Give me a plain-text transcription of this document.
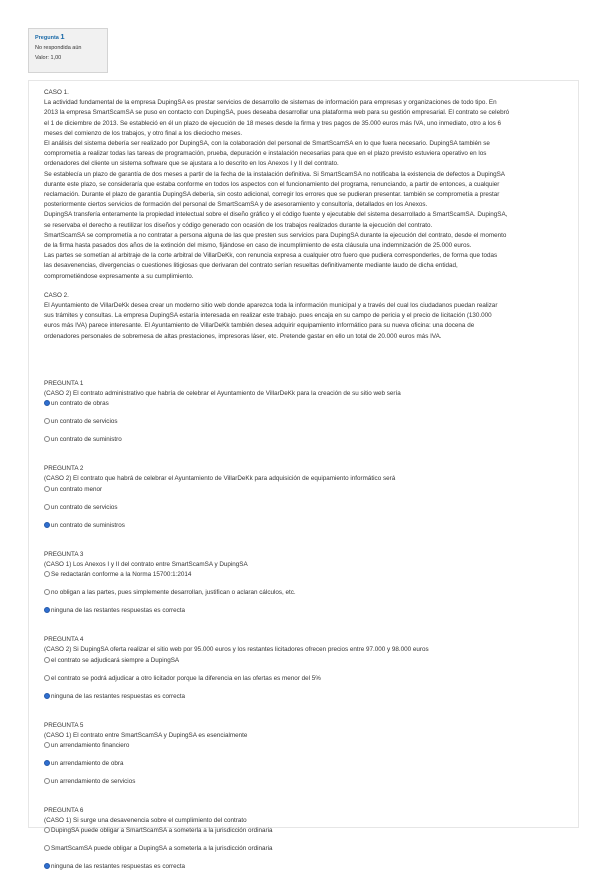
Pregunta 1
No respondida aún
Valor: 1,00

CASO 1.

La actividad fundamental de la empresa DupingSA es prestar servicios de desarrollo de sistemas de información para empresas y organizaciones de todo tipo. En

2013 la empresa SmartScamSA se puso en contacto con DupingSA, pues deseaba desarrollar una plataforma web para su gestión empresarial. El contrato se celebró

el 1 de diciembre de 2013. Se estableció en él un plazo de ejecución de 18 meses desde la firma y tres pagos de 35.000 euros más IVA, uno inmediato, otro a los 6

meses del comienzo de los trabajos, y otro final a los dieciocho meses.

El análisis del sistema debería ser realizado por DupingSA, con la colaboración del personal de SmartScamSA en lo que fuera necesario. DupingSA también se

comprometía a realizar todas las tareas de programación, prueba, depuración e instalación necesarias para que en el plazo previsto estuviera operativo en los

ordenadores del cliente un sistema software que se ajustara a lo descrito en los Anexos I y II del contrato.

Se establecía un plazo de garantía de dos meses a partir de la fecha de la instalación definitiva. Si SmartScamSA no notificaba la existencia de defectos a DupingSA

durante este plazo, se consideraría que estaba conforme en todos los aspectos con el funcionamiento del programa, renunciando, a partir de entonces, a cualquier

reclamación. Durante el plazo de garantía DupingSA debería, sin costo adicional, corregir los errores que se pudieran presentar. también se comprometía a prestar

posteriormente ciertos servicios de formación del personal de SmartScamSA y de asesoramiento y consultoría, detallados en los Anexos.

DupingSA transfería enteramente la propiedad intelectual sobre el diseño gráfico y el código fuente y ejecutable del sistema desarrollado a SmartScamSA. DupingSA,

se reservaba el derecho a reutilizar los diseños y código generado con ocasión de los trabajos realizados durante la ejecución del contrato.

SmartScamSA se comprometía a no contratar a persona alguna de las que presten sus servicios para DupingSA durante la ejecución del contrato, desde el momento

de la firma hasta pasados dos años de la extinción del mismo, fijándose en caso de incumplimiento de esta cláusula una indemnización de 25.000 euros.

Las partes se sometían al arbitraje de la corte arbitral de VillarDeKk, con renuncia expresa a cualquier otro fuero que pudiera corresponderles, de forma que todas

las desavenencias, divergencias o cuestiones litigiosas que derivaran del contrato serían resueltas definitivamente mediante laudo de dicha entidad,

comprometiéndose expresamente a su cumplimiento.

CASO 2.

El Ayuntamiento de VillarDeKk desea crear un moderno sitio web donde aparezca toda la información municipal y a través del cual los ciudadanos puedan realizar

sus trámites y consultas. La empresa DupingSA estaría interesada en realizar este trabajo. pues encaja en su campo de pericia y el precio de licitación (130.000

euros más IVA) parece interesante. El Ayuntamiento de VillarDeKk también desea adquirir equipamiento informático para su nueva oficina: una docena de

ordenadores personales de sobremesa de altas prestaciones, impresoras láser, etc. Pretende gastar en ello un total de 20.000 euros más IVA.

PREGUNTA 1

(CASO 2) El contrato administrativo que habría de celebrar el Ayuntamiento de VillarDeKk para la creación de su sitio web sería

un contrato de obras
un contrato de servicios
un contrato de suministro

PREGUNTA 2

(CASO 2) El contrato que habrá de celebrar el Ayuntamiento de VillarDeKk para adquisición de equipamiento informático será

un contrato menor
un contrato de servicios
un contrato de suministros

PREGUNTA 3

(CASO 1) Los Anexos I y II del contrato entre SmartScamSA y DupingSA

Se redactarán conforme a la Norma 15700:1:2014
no obligan a las partes, pues simplemente desarrollan, justifican o aclaran cálculos, etc.
ninguna de las restantes respuestas es correcta

PREGUNTA 4

(CASO 2) Si DupingSA oferta realizar el sitio web por 95.000 euros y los restantes licitadores ofrecen precios entre 97.000 y 98.000 euros

el contrato se adjudicará siempre a DupingSA
el contrato se podrá adjudicar a otro licitador porque la diferencia en las ofertas es menor del 5%
ninguna de las restantes respuestas es correcta

PREGUNTA 5

(CASO 1) El contrato entre SmartScamSA y DupingSA es esencialmente

un arrendamiento financiero
un arrendamiento de obra
un arrendamiento de servicios

PREGUNTA 6

(CASO 1) Si surge una desavenencia sobre el cumplimiento del contrato

DupingSA puede obligar a SmartScamSA a someterla a la jurisdicción ordinaria
SmartScamSA puede obligar a DupingSA a someterla a la jurisdicción ordinaria
ninguna de las restantes respuestas es correcta
